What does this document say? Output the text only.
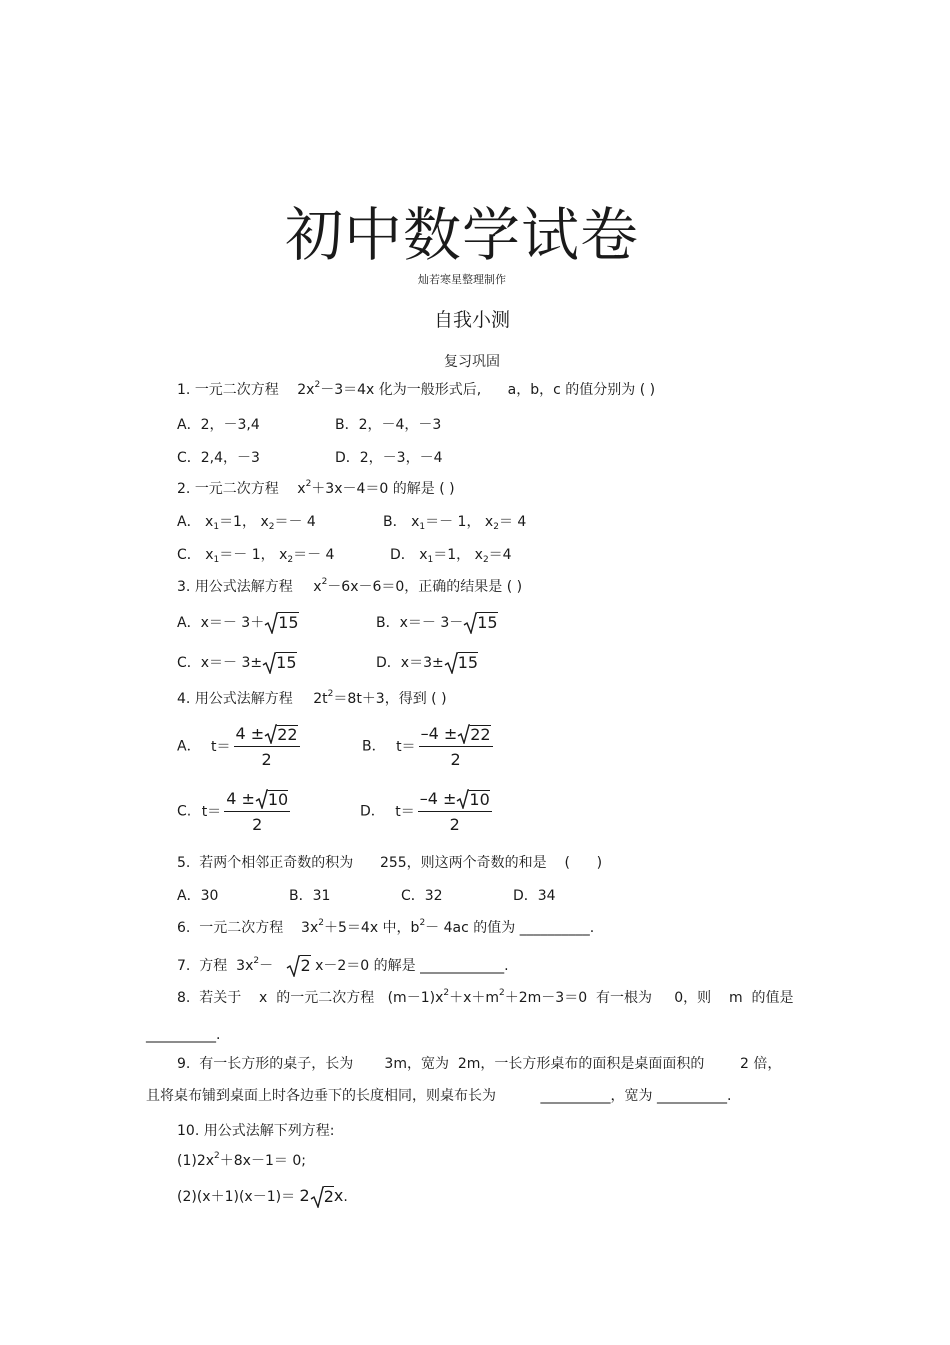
初中数学试卷
灿若寒星整理制作
自我小测
复习巩固
1. 一元二次方程 $2x^2-3=4x$ 化为一般形式后, a，b，c 的值分别为 ( )
A．2，－3,4	B．2，－4，－3
C．2,4，－3	D．2，－3，－4
2. 一元二次方程 $x^2+3x-4=0$ 的解是 ( )
A． $x_1=1$， $x_2=- 4$	B． $x_1=- 1$， $x_2= 4$
C． $x_1=- 1$， $x_2=- 4$	D． $x_1=1$， $x_2=4$
3. 用公式法解方程 $x^2-6x-6=0$，正确的结果是 ( )
A．x＝－ 3＋ 15	B．x＝－ 3－ 15
C．x＝－ 3± 15	D．x＝3± 15
4. 用公式法解方程 $2t^2=8t+3$，得到 ( )
A． $t= \frac{4 \pm 22}{2}$	B． $t= \frac{-4 \pm 22}{2}$
C. $t= \frac{4 \pm 10}{2}$	D． $t= \frac{-4 \pm 10}{2}$
5.  若两个相邻正奇数的积为      255，则这两个奇数的和是    (      )
A．30	B．31	C．32	D．34
6.  一元二次方程    $3x^2+5=4x$ 中，$b^2- 4ac$ 的值为 __________.
7.  方程  $3x^2- 2$ x－2＝0 的解是 ____________.
8.  若关于    x  的一元二次方程   $(m-1)x^2+x+m^2+2m-3=0$  有一根为     0，则    m  的值是
__________.
9.  有一长方形的桌子，长为       3m，宽为  2m，一长方形桌布的面积是桌面面积的        2 倍，
且将桌布铺到桌面上时各边垂下的长度相同，则桌布长为          __________，宽为 __________.
10. 用公式法解下列方程:
$(1)2x^2+8x-1= 0$;
(2)(x＋1)(x－1)＝ 2 2x.
